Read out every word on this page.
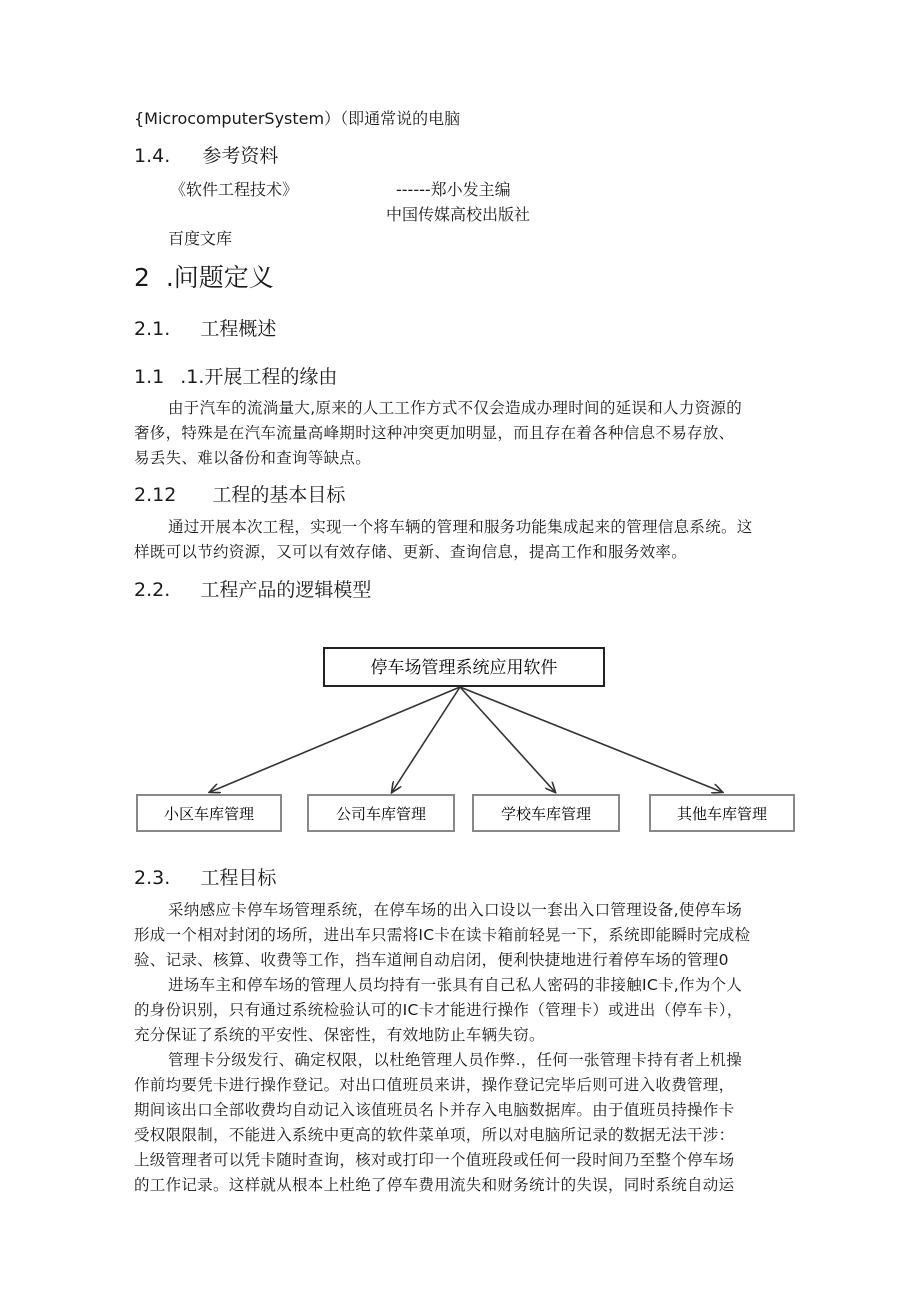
{MicrocomputerSystem）（即通常说的电脑
1.4. 参考资料
《软件工程技术》	------郑小发主编
中国传媒高校出版社
百度文库
2 .问题定义
2.1. 工程概述
1.1 .1.开展工程的缘由
由于汽车的流淌量大,原来的人工工作方式不仅会造成办理时间的延误和人力资源的
奢侈，特殊是在汽车流量高峰期时这种冲突更加明显，而且存在着各种信息不易存放、
易丢失、难以备份和查询等缺点。
2.12 工程的基本目标
通过开展本次工程，实现一个将车辆的管理和服务功能集成起来的管理信息系统。这
样既可以节约资源，又可以有效存储、更新、查询信息，提高工作和服务效率。
2.2. 工程产品的逻辑模型
停车场管理系统应用软件
小区车库管理	公司车库管理	学校车库管理	其他车库管理
2.3. 工程目标
采纳感应卡停车场管理系统，在停车场的出入口设以一套出入口管理设备,使停车场
形成一个相对封闭的场所，进出车只需将IC卡在读卡箱前轻晃一下，系统即能瞬时完成检
验、记录、核算、收费等工作，挡车道闸自动启闭，便利快捷地进行着停车场的管理0
进场车主和停车场的管理人员均持有一张具有自己私人密码的非接触IC卡,作为个人
的身份识别，只有通过系统检验认可的IC卡才能进行操作（管理卡）或进出（停车卡），
充分保证了系统的平安性、保密性，有效地防止车辆失窃。
管理卡分级发行、确定权限，以杜绝管理人员作弊.，任何一张管理卡持有者上机操
作前均要凭卡进行操作登记。对出口值班员来讲，操作登记完毕后则可进入收费管理，
期间该出口全部收费均自动记入该值班员名卜并存入电脑数据库。由于值班员持操作卡
受权限限制，不能进入系统中更高的软件菜单项，所以对电脑所记录的数据无法干涉：
上级管理者可以凭卡随时查询，核对或打印一个值班段或任何一段时间乃至整个停车场
的工作记录。这样就从根本上杜绝了停车费用流失和财务统计的失误，同时系统自动运
